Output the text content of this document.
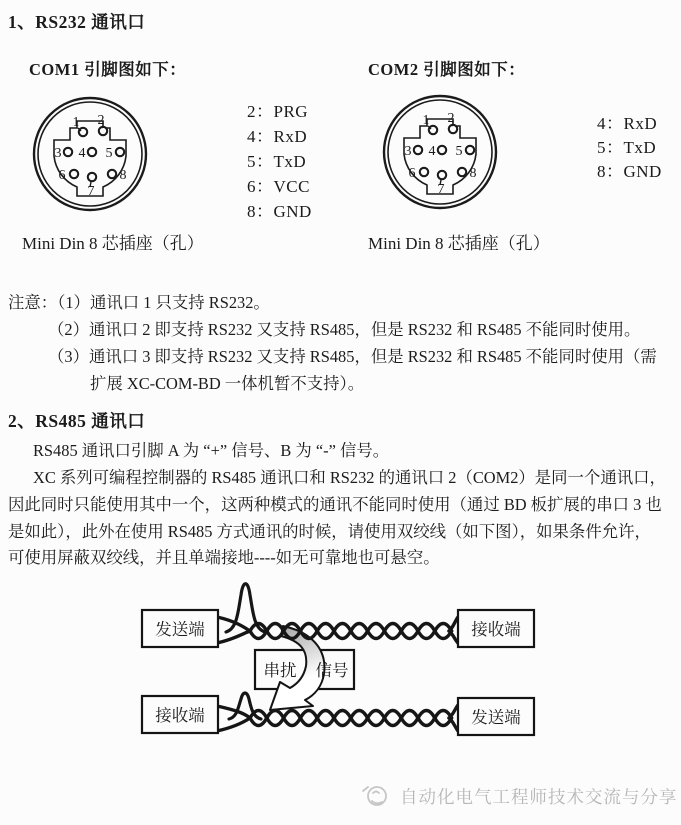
1、RS232 通讯口
COM1 引脚图如下：	COM2 引脚图如下：
1 2
3 4 5
6
7
8
1 2
3 4 5
6
7
8
2：PRG
4：RxD
5：TxD
6：VCC
8：GND
4：RxD
5：TxD
8：GND
Mini Din 8 芯插座（孔）	Mini Din 8 芯插座（孔）
注意：（1）通讯口 1 只支持 RS232。
（2）通讯口 2 即支持 RS232 又支持 RS485，但是 RS232 和 RS485 不能同时使用。
（3）通讯口 3 即支持 RS232 又支持 RS485，但是 RS232 和 RS485 不能同时使用（需
扩展 XC-COM-BD 一体机暂不支持）。
2、RS485 通讯口
RS485 通讯口引脚 A 为 “+” 信号、B 为 “-” 信号。
XC 系列可编程控制器的 RS485 通讯口和 RS232 的通讯口 2（COM2）是同一个通讯口，
因此同时只能使用其中一个，这两种模式的通讯不能同时使用（通过 BD 板扩展的串口 3 也
是如此），此外在使用 RS485 方式通讯的时候，请使用双绞线（如下图），如果条件允许，
可使用屏蔽双绞线，并且单端接地----如无可靠地也可悬空。
发送端	接收端
接收端	发送端
串扰 信号
自动化电气工程师技术交流与分享
